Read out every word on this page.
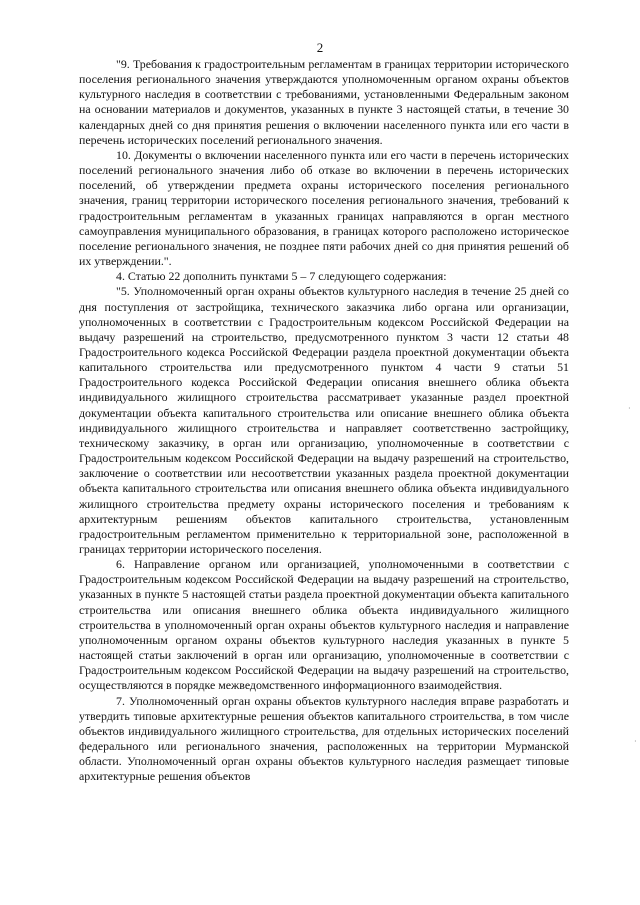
2

"9. Требования к градостроительным регламентам в границах территории исторического поселения регионального значения утверждаются уполномоченным органом охраны объектов культурного наследия в соответствии с требованиями, установленными Федеральным законом на основании материалов и документов, указанных в пункте 3 настоящей статьи, в течение 30 календарных дней со дня принятия решения о включении населенного пункта или его части в перечень исторических поселений регионального значения.

10. Документы о включении населенного пункта или его части в перечень исторических поселений регионального значения либо об отказе во включении в перечень исторических поселений, об утверждении предмета охраны исторического поселения регионального значения, границ территории исторического поселения регионального значения, требований к градостроительным регламентам в указанных границах направляются в орган местного самоуправления муниципального образования, в границах которого расположено историческое поселение регионального значения, не позднее пяти рабочих дней со дня принятия решений об их утверждении.".

4. Статью 22 дополнить пунктами 5 – 7 следующего содержания:

"5. Уполномоченный орган охраны объектов культурного наследия в течение 25 дней со дня поступления от застройщика, технического заказчика либо органа или организации, уполномоченных в соответствии с Градостроительным кодексом Российской Федерации на выдачу разрешений на строительство, предусмотренного пунктом 3 части 12 статьи 48 Градостроительного кодекса Российской Федерации раздела проектной документации объекта капитального строительства или предусмотренного пунктом 4 части 9 статьи 51 Градостроительного кодекса Российской Федерации описания внешнего облика объекта индивидуального жилищного строительства рассматривает указанные раздел проектной документации объекта капитального строительства или описание внешнего облика объекта индивидуального жилищного строительства и направляет соответственно застройщику, техническому заказчику, в орган или организацию, уполномоченные в соответствии с Градостроительным кодексом Российской Федерации на выдачу разрешений на строительство, заключение о соответствии или несоответствии указанных раздела проектной документации объекта капитального строительства или описания внешнего облика объекта индивидуального жилищного строительства предмету охраны исторического поселения и требованиям к архитектурным решениям объектов капитального строительства, установленным градостроительным регламентом применительно к территориальной зоне, расположенной в границах территории исторического поселения.

6. Направление органом или организацией, уполномоченными в соответствии с Градостроительным кодексом Российской Федерации на выдачу разрешений на строительство, указанных в пункте 5 настоящей статьи раздела проектной документации объекта капитального строительства или описания внешнего облика объекта индивидуального жилищного строительства в уполномоченный орган охраны объектов культурного наследия и направление уполномоченным органом охраны объектов культурного наследия указанных в пункте 5 настоящей статьи заключений в орган или организацию, уполномоченные в соответствии с Градостроительным кодексом Российской Федерации на выдачу разрешений на строительство, осуществляются в порядке межведомственного информационного взаимодействия.

7. Уполномоченный орган охраны объектов культурного наследия вправе разработать и утвердить типовые архитектурные решения объектов капитального строительства, в том числе объектов индивидуального жилищного строительства, для отдельных исторических поселений федерального или регионального значения, расположенных на территории Мурманской области. Уполномоченный орган охраны объектов культурного наследия размещает типовые архитектурные решения объектов

·
·
